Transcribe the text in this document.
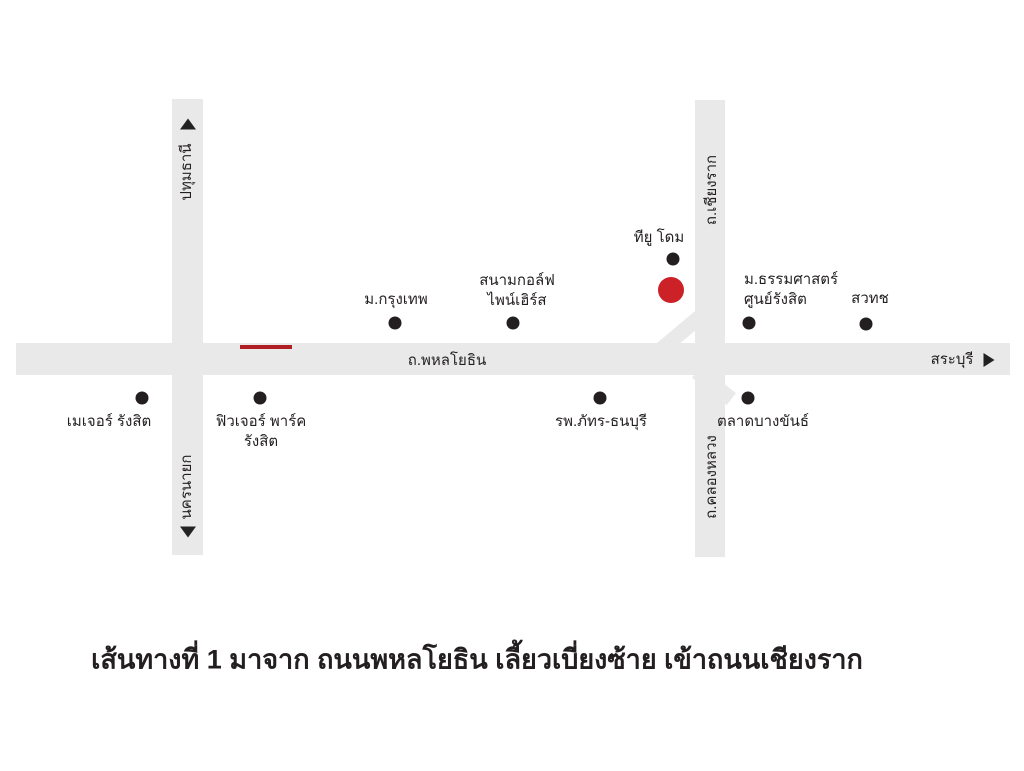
ปทุมธานี
นครนายก
ถ.เชียงราก
ถ.คลองหลวง
ถ.พหลโยธิน	สระบุรี
ม.กรุงเทพ
สนามกอล์ฟ
ไพน์เฮิร์ส
ทียู โดม
ม.ธรรมศาสตร์
ศูนย์รังสิต	สวทช
เมเจอร์ รังสิต	ฟิวเจอร์ พาร์ค
รังสิต
รพ.ภัทร-ธนบุรี	ตลาดบางขันธ์
เส้นทางที่ 1 มาจาก ถนนพหลโยธิน เลี้ยวเบี่ยงซ้าย เข้าถนนเชียงราก
